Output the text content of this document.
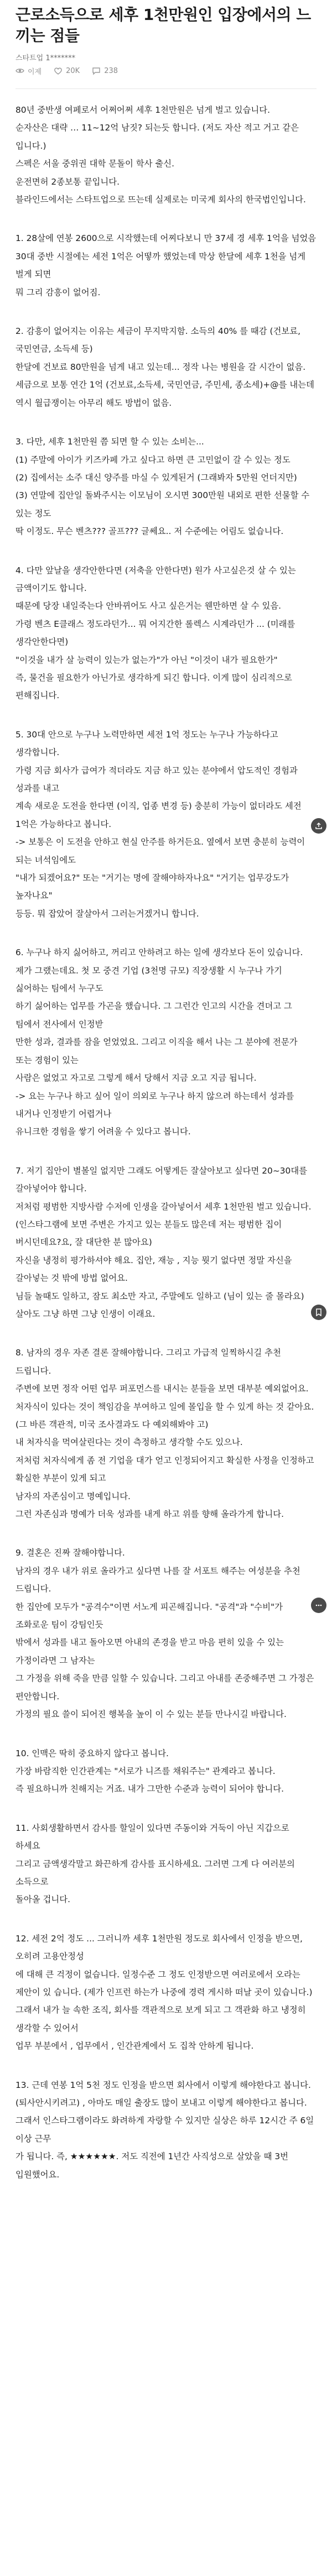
근로소득으로 세후 1천만원인 입장에서의 느끼는 점들
스타트업 1*******
이제	20K	238

80년 중반생 여페로서 어쩌어쩌 세후 1천만원은 넘게 벌고 있습니다.
순자산은 대략 … 11~12억 남짓? 되는듯 합니다. (저도 자산 적고 거고 같은 입니다.)
스펙은 서울 중위권 대학 문돌이 학사 출신.
운전면허 2종보통 끝입니다.
블라인드에서는 스타트업으로 뜨는데 실제로는 미국계 회사의 한국법인입니다.

1. 28살에 연봉 2600으로 시작했는데 어찌다보니 만 37세 경 세후 1억을 넘었음
30대 중반 시절에는 세전 1억은 어떻까 했었는데 막상 한달에 세후 1천을 넘게 벌게 되면
뭐 그리 감흥이 없어짐.

2. 감흥이 없어지는 이유는 세금이 무지막지함. 소득의 40% 를 때감 (건보료, 국민연금, 소득세 등)
한달에 건보료 80만원을 넘게 내고 있는데... 정작 나는 병원을 갈 시간이 없음.
세금으로 보통 연간 1억 (건보료,소득세, 국민연금, 주민세, 종소세)+@를 내는데
역시 월급쟁이는 아무리 해도 방법이 없음.

3. 다만, 세후 1천만원 쯤 되면 할 수 있는 소비는...
(1) 주말에 아이가 키즈카페 가고 싶다고 하면 큰 고민없이 갈 수 있는 정도
(2) 집에서는 소주 대신 양주를 마실 수 있게된거 (그래봐자 5만원 언더지만)
(3) 연말에 집안일 돌봐주시는 이모님이 오시면 300만원 내외로 편한 선물할 수 있는 정도
딱 이정도. 무슨 벤츠??? 골프??? 글쎄요.. 저 수준에는 어림도 없습니다.

4. 다만 앞날을 생각안한다면 (저축을 안한다면) 원가 사고싶은것 살 수 있는 금액이기도 합니다.
때문에 당장 내일죽는다 안바뀌어도 사고 싶은거는 웬만하면 살 수 있음.
가령 벤츠 E클래스 정도라던가... 뭐 어지간한 롤렉스 시계라던가 ... (미래를 생각안한다면)
"이것을 내가 살 능력이 있는가 없는가"가 아닌 "이것이 내가 필요한가"
즉, 물건을 필요한가 아닌가로 생각하게 되긴 합니다. 이게 많이 심리적으로 편해집니다.

5. 30대 안으로 누구나 노력만하면 세전 1억 정도는 누구나 가능하다고 생각합니다.
가령 지금 회사가 급여가 적더라도 지금 하고 있는 분야에서 압도적인 경험과 성과를 내고
계속 새로운 도전을 한다면 (이직, 업종 변경 등) 충분히 가능이 없더라도 세전 1억은 가능하다고 봅니다.
-> 보통은 이 도전을 안하고 현실 안주를 하거든요. 옆에서 보면 충분히 능력이 되는 녀석임에도
"내가 되겠어요?" 또는 "거기는 명에 잘해야하자나요" "거기는 업무강도가 높자나요"
등등. 뭐 잡았어 잘살아서 그러는거겠거니 합니다.

6. 누구나 하지 싫어하고, 꺼리고 안하려고 하는 일에 생각보다 돈이 있습니다.
제가 그랬는데요. 첫 모 중견 기업 (3천명 규모) 직장생활 시 누구나 가기 싫어하는 팀에서 누구도
하기 싫어하는 업무를 가곤을 했습니다. 그 그런간 인고의 시간을 견뎌고 그 팀에서 전사에서 인정받
만한 성과, 결과를 잠을 얻었었요. 그리고 이직을 해서 나는 그 분야에 전문가 또는 경험이 있는
사람은 없었고 자고로 그렇게 해서 당해서 지금 오고 지금 됩니다.
-> 요는 누구나 하고 싶어 일이 의외로 누구나 하지 않으려 하는데서 성과를 내거나 인정받기 어렵거나
유니크한 경험을 쌓기 어려울 수 있다고 봅니다.

7. 저기 집안이 별볼일 없지만 그래도 어떻게든 잘살아보고 싶다면 20~30대를 갈아넣어야 합니다.
저처럼 평범한 지방사람 수저에 인생을 갈아넣어서 세후 1천만원 벌고 있습니다.
(인스타그램에 보면 주변은 가지고 있는 분들도 많은데 저는 평범한 집이 버시던데요?요, 잘 대단한 분 많아요)
자신을 냉정히 평가하셔야 해요. 집안, 재능 , 지능 뭣기 없다면 정말 자신을 갈아넣는 것 밖에 방법 없어요.
님들 놀때도 일하고, 잠도 최소만 자고, 주말에도 일하고 (님이 있는 줄 몰라요)
살아도 그냥 하면 그냥 인생이 이래요.

8. 남자의 경우 자존 결론 잘해야합니다. 그리고 가급적 일찍하시길 추천 드립니다.
주변에 보면 정작 어떤 업무 퍼포먼스를 내시는 분들을 보면 대부분 예외없어요.
처자식이 있다는 것이 책임감을 부여하고 일에 몰입을 할 수 있게 하는 것 같아요.
(그 바른 객관적, 미국 조사결과도 다 예외해봐야 고)
내 처자식을 먹여살린다는 것이 측정하고 생각할 수도 있으나.
저처럼 처자식에게 좀 전 기업을 대가 얻고 인정되어지고 확실한 사정을 인정하고 확실한 부분이 있게 되고
남자의 자존심이고 명예입니다.
그런 자존심과 명예가 더욱 성과를 내게 하고 위를 향해 올라가게 합니다.

9. 결혼은 진짜 잘해야합니다.
남자의 경우 내가 위로 올라가고 싶다면 나를 잘 서포트 해주는 여성분을 추천 드립니다.
한 집안에 모두가 "공격수"이면 서노게 피곤해집니다. "공격"과 "수비"가 조화로운 팀이 강팀인듯
밖에서 성과를 내고 돌아오면 아내의 존경을 받고 마음 편히 있을 수 있는 가정이라면 그 남자는
그 가정을 위해 죽을 만큼 일할 수 있습니다. 그리고 아내를 존중해주면 그 가정은 편안합니다.
가정의 필요 쓸이 되어진 행복을 높이 이 수 있는 분들 만나시길 바랍니다.

10. 인맥은 딱히 중요하지 않다고 봅니다.
가장 바람직한 인간관계는 "서로가 니즈를 채워주는" 관계라고 봅니다.
즉 필요하니까 친해지는 거죠. 내가 그만한 수준과 능력이 되어야 합니다.

11. 사회생활하면서 감사를 할일이 있다면 주동이와 거둑이 아닌 지갑으로 하세요
그리고 금액생각말고 화끈하게 감사를 표시하세요. 그러면 그게 다 여러분의 소득으로
돌아올 겁니다.

12. 세전 2억 정도 ... 그러니까 세후 1천만원 정도로 회사에서 인정을 받으면, 오히려 고용안정성
에 대해 큰 걱정이 없습니다. 일정수준 그 정도 인정받으면 여러로에서 오라는 제안이 있 습니다. (제가 인프런 하는가 나중에 경력 게시하 떠날 곳이 있습니다.)
그래서 내가 늘 속한 조직, 회사를 객관적으로 보게 되고 그 객관화 하고 냉정히 생각할 수 있어서
업무 부분에서 , 업무에서 , 인간관계에서 도 집착 안하게 됩니다.

13. 근데 연봉 1억 5천 정도 인정을 받으면 회사에서 이렇게 해야한다고 봅니다.
(퇴사안시키려고) , 아마도 매일 출장도 많이 보내고 이렇게 해야한다고 봅니다.
그래서 인스타그램이라도 화려하게 자랑할 수 있지만 실상은 하루 12시간 주 6일 이상 근무
가 됩니다. 즉, ★★★★★★. 저도 직전에 1년간 사직성으로 살았을 때 3번 입원했어요.
